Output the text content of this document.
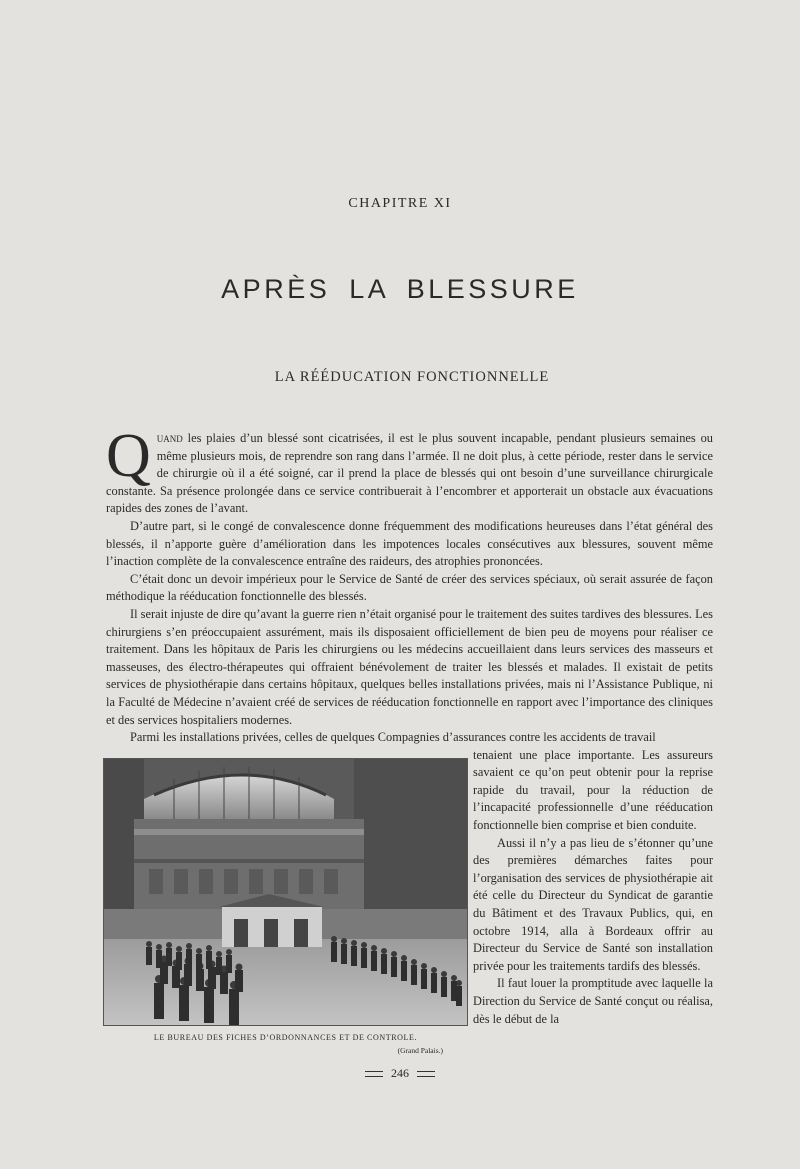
CHAPITRE XI
APRÈS LA BLESSURE
LA RÉÉDUCATION FONCTIONNELLE

Quand les plaies d’un blessé sont cicatrisées, il est le plus souvent incapable, pendant plusieurs semaines ou même plusieurs mois, de reprendre son rang dans l’armée. Il ne doit plus, à cette période, rester dans le service de chirurgie où il a été soigné, car il prend la place de blessés qui ont besoin d’une surveillance chirurgicale constante. Sa présence prolongée dans ce service contribuerait à l’encombrer et apporterait un obstacle aux évacuations rapides des zones de l’avant.

D’autre part, si le congé de convalescence donne fréquemment des modifications heureuses dans l’état général des blessés, il n’apporte guère d’amélioration dans les impotences locales consécutives aux blessures, souvent même l’inaction complète de la convalescence entraîne des raideurs, des atrophies prononcées.

C’était donc un devoir impérieux pour le Service de Santé de créer des services spéciaux, où serait assurée de façon méthodique la rééducation fonctionnelle des blessés.

Il serait injuste de dire qu’avant la guerre rien n’était organisé pour le traitement des suites tardives des blessures. Les chirurgiens s’en préoccupaient assurément, mais ils disposaient officiellement de bien peu de moyens pour réaliser ce traitement. Dans les hôpitaux de Paris les chirurgiens ou les médecins accueillaient dans leurs services des masseurs et masseuses, des électro-thérapeutes qui offraient bénévolement de traiter les blessés et malades. Il existait de petits services de physiothérapie dans certains hôpitaux, quelques belles installations privées, mais ni l’Assistance Publique, ni la Faculté de Médecine n’avaient créé de services de rééducation fonctionnelle en rapport avec l’importance des cliniques et des services hospitaliers modernes.

Parmi les installations privées, celles de quelques Compagnies d’assurances contre les accidents de travail

tenaient une place importante. Les assureurs savaient ce qu’on peut obtenir pour la reprise rapide du travail, pour la réduction de l’incapacité professionnelle d’une rééducation fonctionnelle bien comprise et bien conduite.

Aussi il n’y a pas lieu de s’étonner qu’une des premières démarches faites pour l’organisation des services de physiothérapie ait été celle du Directeur du Syndicat de garantie du Bâtiment et des Travaux Publics, qui, en octobre 1914, alla à Bordeaux offrir au Directeur du Service de Santé son installation privée pour les traitements tardifs des blessés.

Il faut louer la promptitude avec laquelle la Direction du Service de Santé conçut ou réalisa, dès le début de la

LE BUREAU DES FICHES D’ORDONNANCES ET DE CONTROLE.
(Grand Palais.)
246
